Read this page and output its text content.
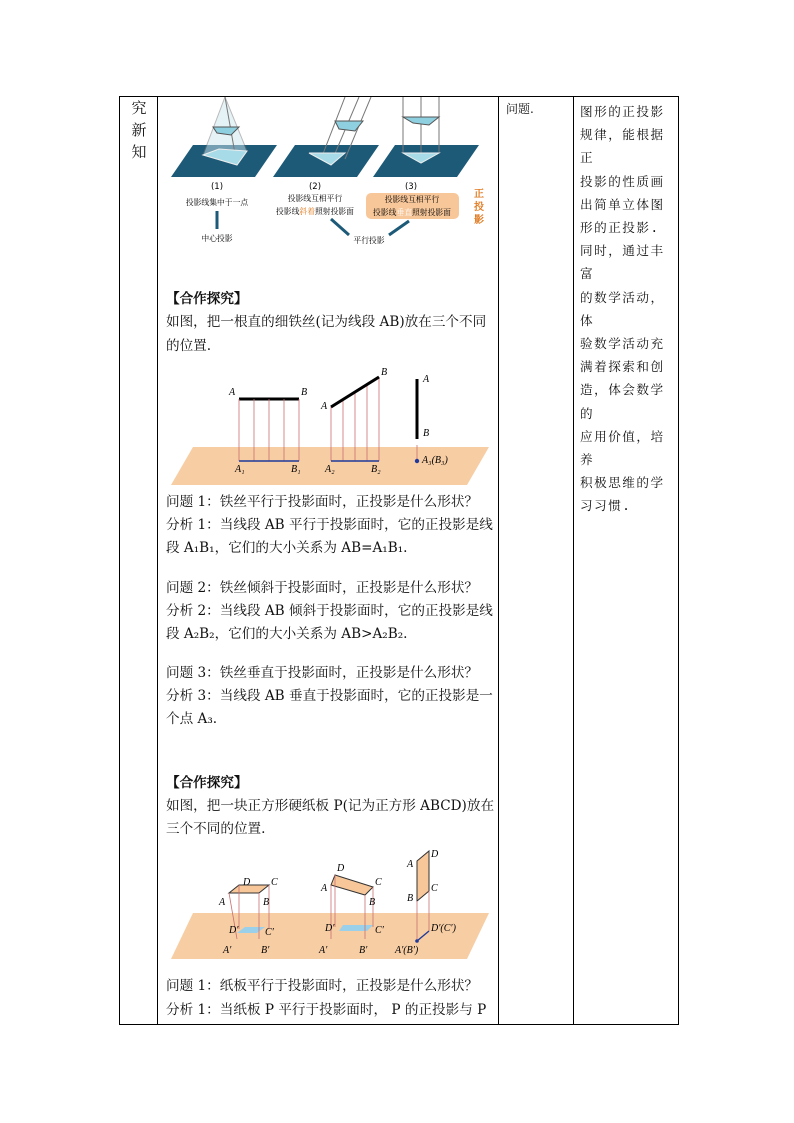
究
新
知
(1)	(2)	(3)
投影线集中于一点	投影线互相平行
投影线斜着照射投影面
投影线互相平行
投影线垂直照射投影面
正
投
影
中心投影	平行投影

【合作探究】

如图，把一根直的细铁丝(记为线段 AB)放在三个不同

的位置.

A	B
A
B
A
B
A₁	B₁ A₂	B₂
A₃(B₃)

问题 1：铁丝平行于投影面时，正投影是什么形状？

分析 1：当线段 AB 平行于投影面时，它的正投影是线

段 A₁B₁，它们的大小关系为 AB=A₁B₁.

问题 2：铁丝倾斜于投影面时，正投影是什么形状？

分析 2：当线段 AB 倾斜于投影面时，它的正投影是线

段 A₂B₂，它们的大小关系为 AB>A₂B₂.

问题 3：铁丝垂直于投影面时，正投影是什么形状？

分析 3：当线段 AB 垂直于投影面时，它的正投影是一

个点 A₃.

【合作探究】

如图，把一块正方形硬纸板 P(记为正方形 ABCD)放在

三个不同的位置.

D C
A	B
D′	C′
A′	B′
D
C
A
B
D′	C′
A′	B′
D
A
C
B
D′(C′)
A′(B′)

问题 1：纸板平行于投影面时，正投影是什么形状？

分析 1：当纸板 P 平行于投影面时， P 的正投影与 P

问题.	图形的正投影
规律，能根据正
投影的性质画
出简单立体图
形的正投影.
同时，通过丰富
的数学活动，体
验数学活动充
满着探索和创
造，体会数学的
应用价值，培养
积极思维的学
习习惯.
